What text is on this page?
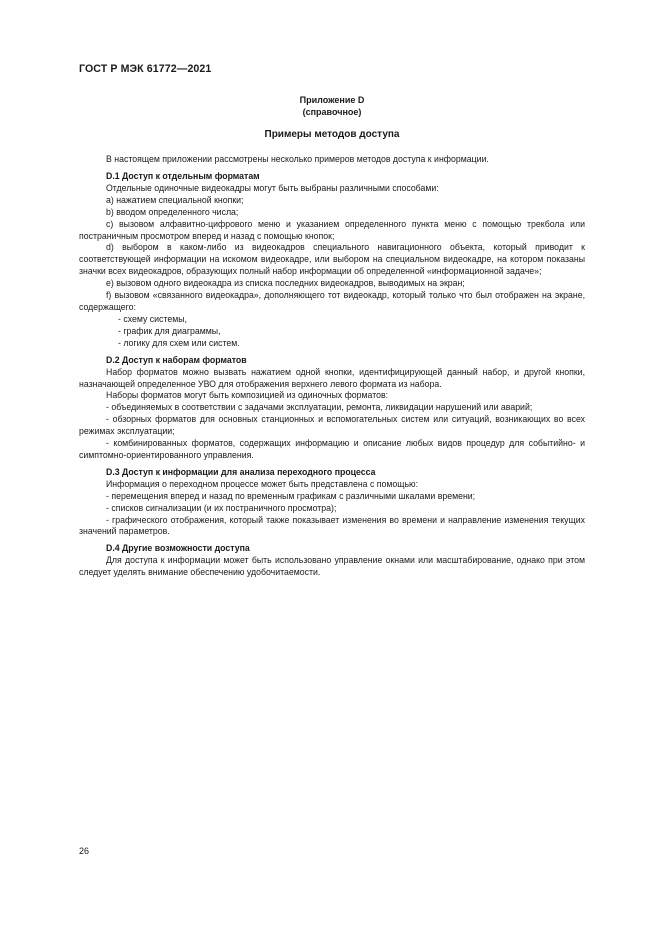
ГОСТ Р МЭК 61772—2021
Приложение D
(справочное)
Примеры методов доступа

В настоящем приложении рассмотрены несколько примеров методов доступа к информации.

D.1 Доступ к отдельным форматам

Отдельные одиночные видеокадры могут быть выбраны различными способами:

a) нажатием специальной кнопки;

b) вводом определенного числа;

c) вызовом алфавитно-цифрового меню и указанием определенного пункта меню с помощью трекбола или постраничным просмотром вперед и назад с помощью кнопок;

d) выбором в каком-либо из видеокадров специального навигационного объекта, который приводит к соответствующей информации на искомом видеокадре, или выбором на специальном видеокадре, на котором показаны значки всех видеокадров, образующих полный набор информации об определенной «информационной задаче»;

e) вызовом одного видеокадра из списка последних видеокадров, выводимых на экран;

f) вызовом «связанного видеокадра», дополняющего тот видеокадр, который только что был отображен на экране, содержащего:

- схему системы,

- график для диаграммы,

- логику для схем или систем.

D.2 Доступ к наборам форматов

Набор форматов можно вызвать нажатием одной кнопки, идентифицирующей данный набор, и другой кнопки, назначающей определенное УВО для отображения верхнего левого формата из набора.

Наборы форматов могут быть композицией из одиночных форматов:

- объединяемых в соответствии с задачами эксплуатации, ремонта, ликвидации нарушений или аварий;

- обзорных форматов для основных станционных и вспомогательных систем или ситуаций, возникающих во всех режимах эксплуатации;

- комбинированных форматов, содержащих информацию и описание любых видов процедур для событийно- и симптомно-ориентированного управления.

D.3 Доступ к информации для анализа переходного процесса

Информация о переходном процессе может быть представлена с помощью:

- перемещения вперед и назад по временным графикам с различными шкалами времени;

- списков сигнализации (и их постраничного просмотра);

- графического отображения, который также показывает изменения во времени и направление изменения текущих значений параметров.

D.4 Другие возможности доступа

Для доступа к информации может быть использовано управление окнами или масштабирование, однако при этом следует уделять внимание обеспечению удобочитаемости.

26
